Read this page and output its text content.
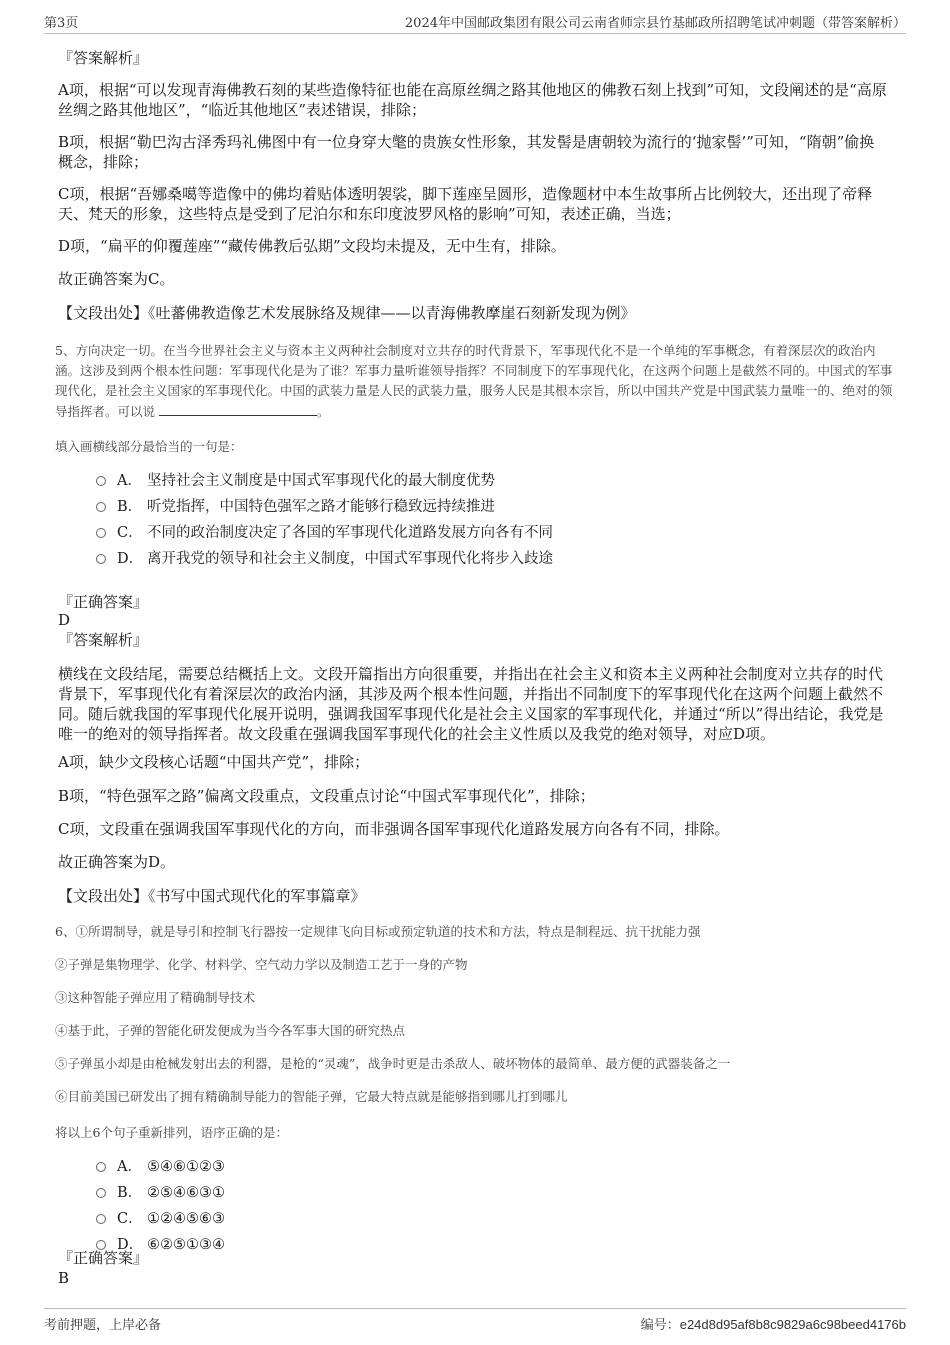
第3页	2024年中国邮政集团有限公司云南省师宗县竹基邮政所招聘笔试冲刺题（带答案解析）
『答案解析』
A项，根据“可以发现青海佛教石刻的某些造像特征也能在高原丝绸之路其他地区的佛教石刻上找到”可知，文段阐述的是“高原丝绸之路其他地区”，“临近其他地区”表述错误，排除；
B项，根据“勒巴沟古泽秀玛礼佛图中有一位身穿大氅的贵族女性形象，其发髻是唐朝较为流行的‘抛家髻’”可知，“隋朝”偷换概念，排除；
C项，根据“吾娜桑噶等造像中的佛均着贴体透明袈裟，脚下莲座呈圆形，造像题材中本生故事所占比例较大，还出现了帝释天、梵天的形象，这些特点是受到了尼泊尔和东印度波罗风格的影响”可知，表述正确，当选；
D项，“扁平的仰覆莲座”“藏传佛教后弘期”文段均未提及，无中生有，排除。
故正确答案为C。
【文段出处】《吐蕃佛教造像艺术发展脉络及规律——以青海佛教摩崖石刻新发现为例》
5、方向决定一切。在当今世界社会主义与资本主义两种社会制度对立共存的时代背景下，军事现代化不是一个单纯的军事概念，有着深层次的政治内涵。这涉及到两个根本性问题：军事现代化是为了谁？军事力量听谁领导指挥？不同制度下的军事现代化，在这两个问题上是截然不同的。中国式的军事现代化，是社会主义国家的军事现代化。中国的武装力量是人民的武装力量，服务人民是其根本宗旨，所以中国共产党是中国武装力量唯一的、绝对的领导指挥者。可以说	。
填入画横线部分最恰当的一句是：
A． 坚持社会主义制度是中国式军事现代化的最大制度优势
B． 听党指挥，中国特色强军之路才能够行稳致远持续推进
C． 不同的政治制度决定了各国的军事现代化道路发展方向各有不同
D． 离开我党的领导和社会主义制度，中国式军事现代化将步入歧途
『正确答案』
D
『答案解析』
横线在文段结尾，需要总结概括上文。文段开篇指出方向很重要，并指出在社会主义和资本主义两种社会制度对立共存的时代背景下，军事现代化有着深层次的政治内涵，其涉及两个根本性问题，并指出不同制度下的军事现代化在这两个问题上截然不同。随后就我国的军事现代化展开说明，强调我国军事现代化是社会主义国家的军事现代化，并通过“所以”得出结论，我党是唯一的绝对的领导指挥者。故文段重在强调我国军事现代化的社会主义性质以及我党的绝对领导，对应D项。
A项，缺少文段核心话题“中国共产党”，排除；
B项，“特色强军之路”偏离文段重点，文段重点讨论“中国式军事现代化”，排除；
C项，文段重在强调我国军事现代化的方向，而非强调各国军事现代化道路发展方向各有不同，排除。
故正确答案为D。
【文段出处】《书写中国式现代化的军事篇章》
6、①所谓制导，就是导引和控制飞行器按一定规律飞向目标或预定轨道的技术和方法，特点是制程远、抗干扰能力强
②子弹是集物理学、化学、材料学、空气动力学以及制造工艺于一身的产物
③这种智能子弹应用了精确制导技术
④基于此，子弹的智能化研发便成为当今各军事大国的研究热点
⑤子弹虽小却是由枪械发射出去的利器，是枪的“灵魂”，战争时更是击杀敌人、破坏物体的最简单、最方便的武器装备之一
⑥目前美国已研发出了拥有精确制导能力的智能子弹，它最大特点就是能够指到哪儿打到哪儿
将以上6个句子重新排列，语序正确的是：
A． ⑤④⑥①②③
B． ②⑤④⑥③①
C． ①②④⑤⑥③
D． ⑥②⑤①③④
『正确答案』
B
考前押题，上岸必备	编号：e24d8d95af8b8c9829a6c98beed4176b
